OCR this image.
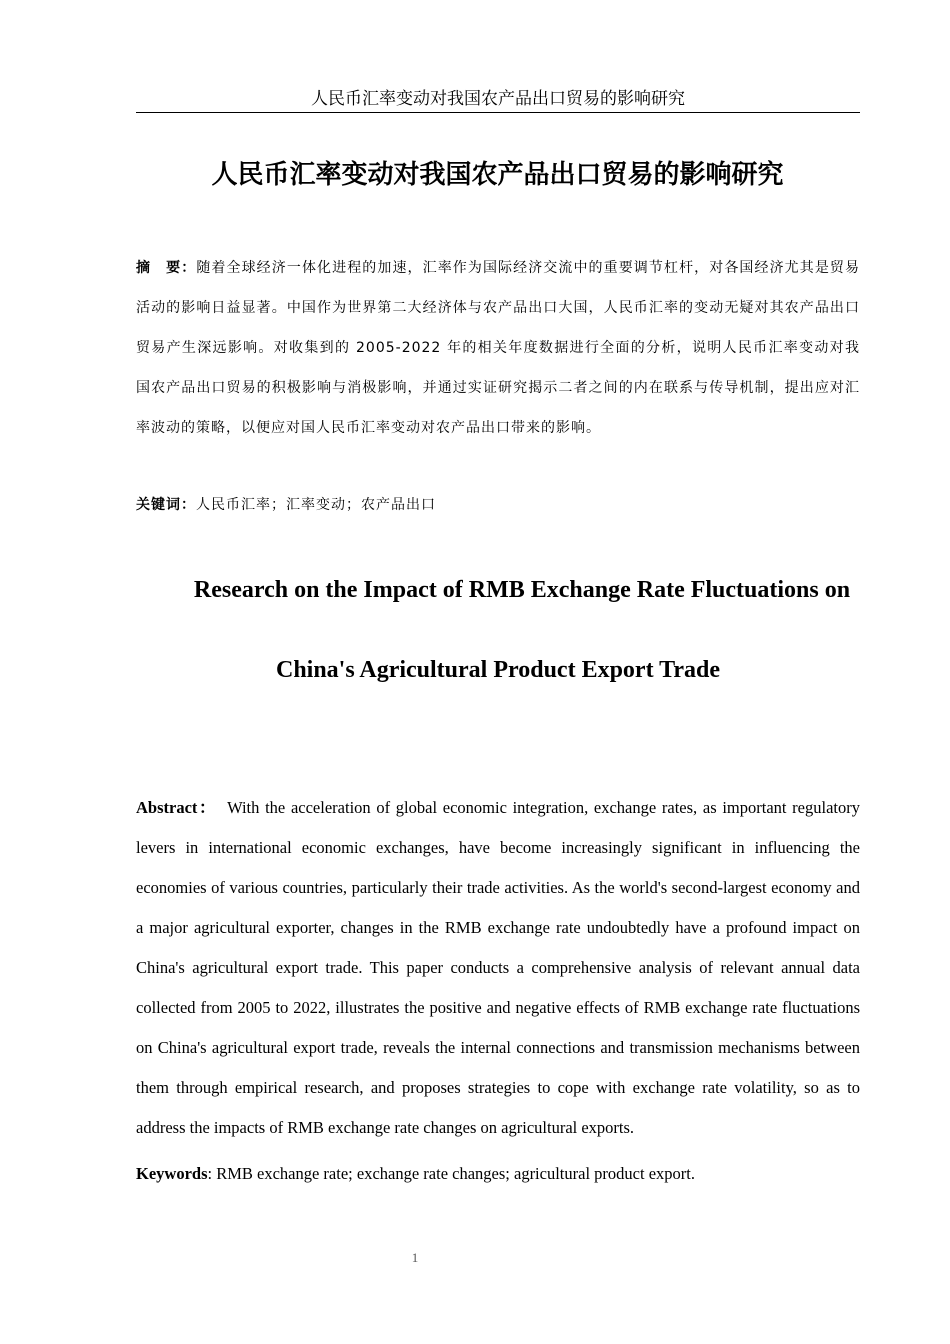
人民币汇率变动对我国农产品出口贸易的影响研究
人民币汇率变动对我国农产品出口贸易的影响研究
摘　要：随着全球经济一体化进程的加速，汇率作为国际经济交流中的重要调节杠杆，对各国经济尤其是贸易活动的影响日益显著。中国作为世界第二大经济体与农产品出口大国，人民币汇率的变动无疑对其农产品出口贸易产生深远影响。对收集到的 2005-2022 年的相关年度数据进行全面的分析，说明人民币汇率变动对我国农产品出口贸易的积极影响与消极影响，并通过实证研究揭示二者之间的内在联系与传导机制，提出应对汇率波动的策略，以便应对国人民币汇率变动对农产品出口带来的影响。
关键词：人民币汇率；汇率变动；农产品出口
Research on the Impact of RMB Exchange Rate Fluctuations on
China's Agricultural Product Export Trade
Abstract： With the acceleration of global economic integration, exchange rates, as important regulatory levers in international economic exchanges, have become increasingly significant in influencing the economies of various countries, particularly their trade activities. As the world's second-largest economy and a major agricultural exporter, changes in the RMB exchange rate undoubtedly have a profound impact on China's agricultural export trade. This paper conducts a comprehensive analysis of relevant annual data collected from 2005 to 2022, illustrates the positive and negative effects of RMB exchange rate fluctuations on China's agricultural export trade, reveals the internal connections and transmission mechanisms between them through empirical research, and proposes strategies to cope with exchange rate volatility, so as to address the impacts of RMB exchange rate changes on agricultural exports.
Keywords: RMB exchange rate; exchange rate changes; agricultural product export.
1
